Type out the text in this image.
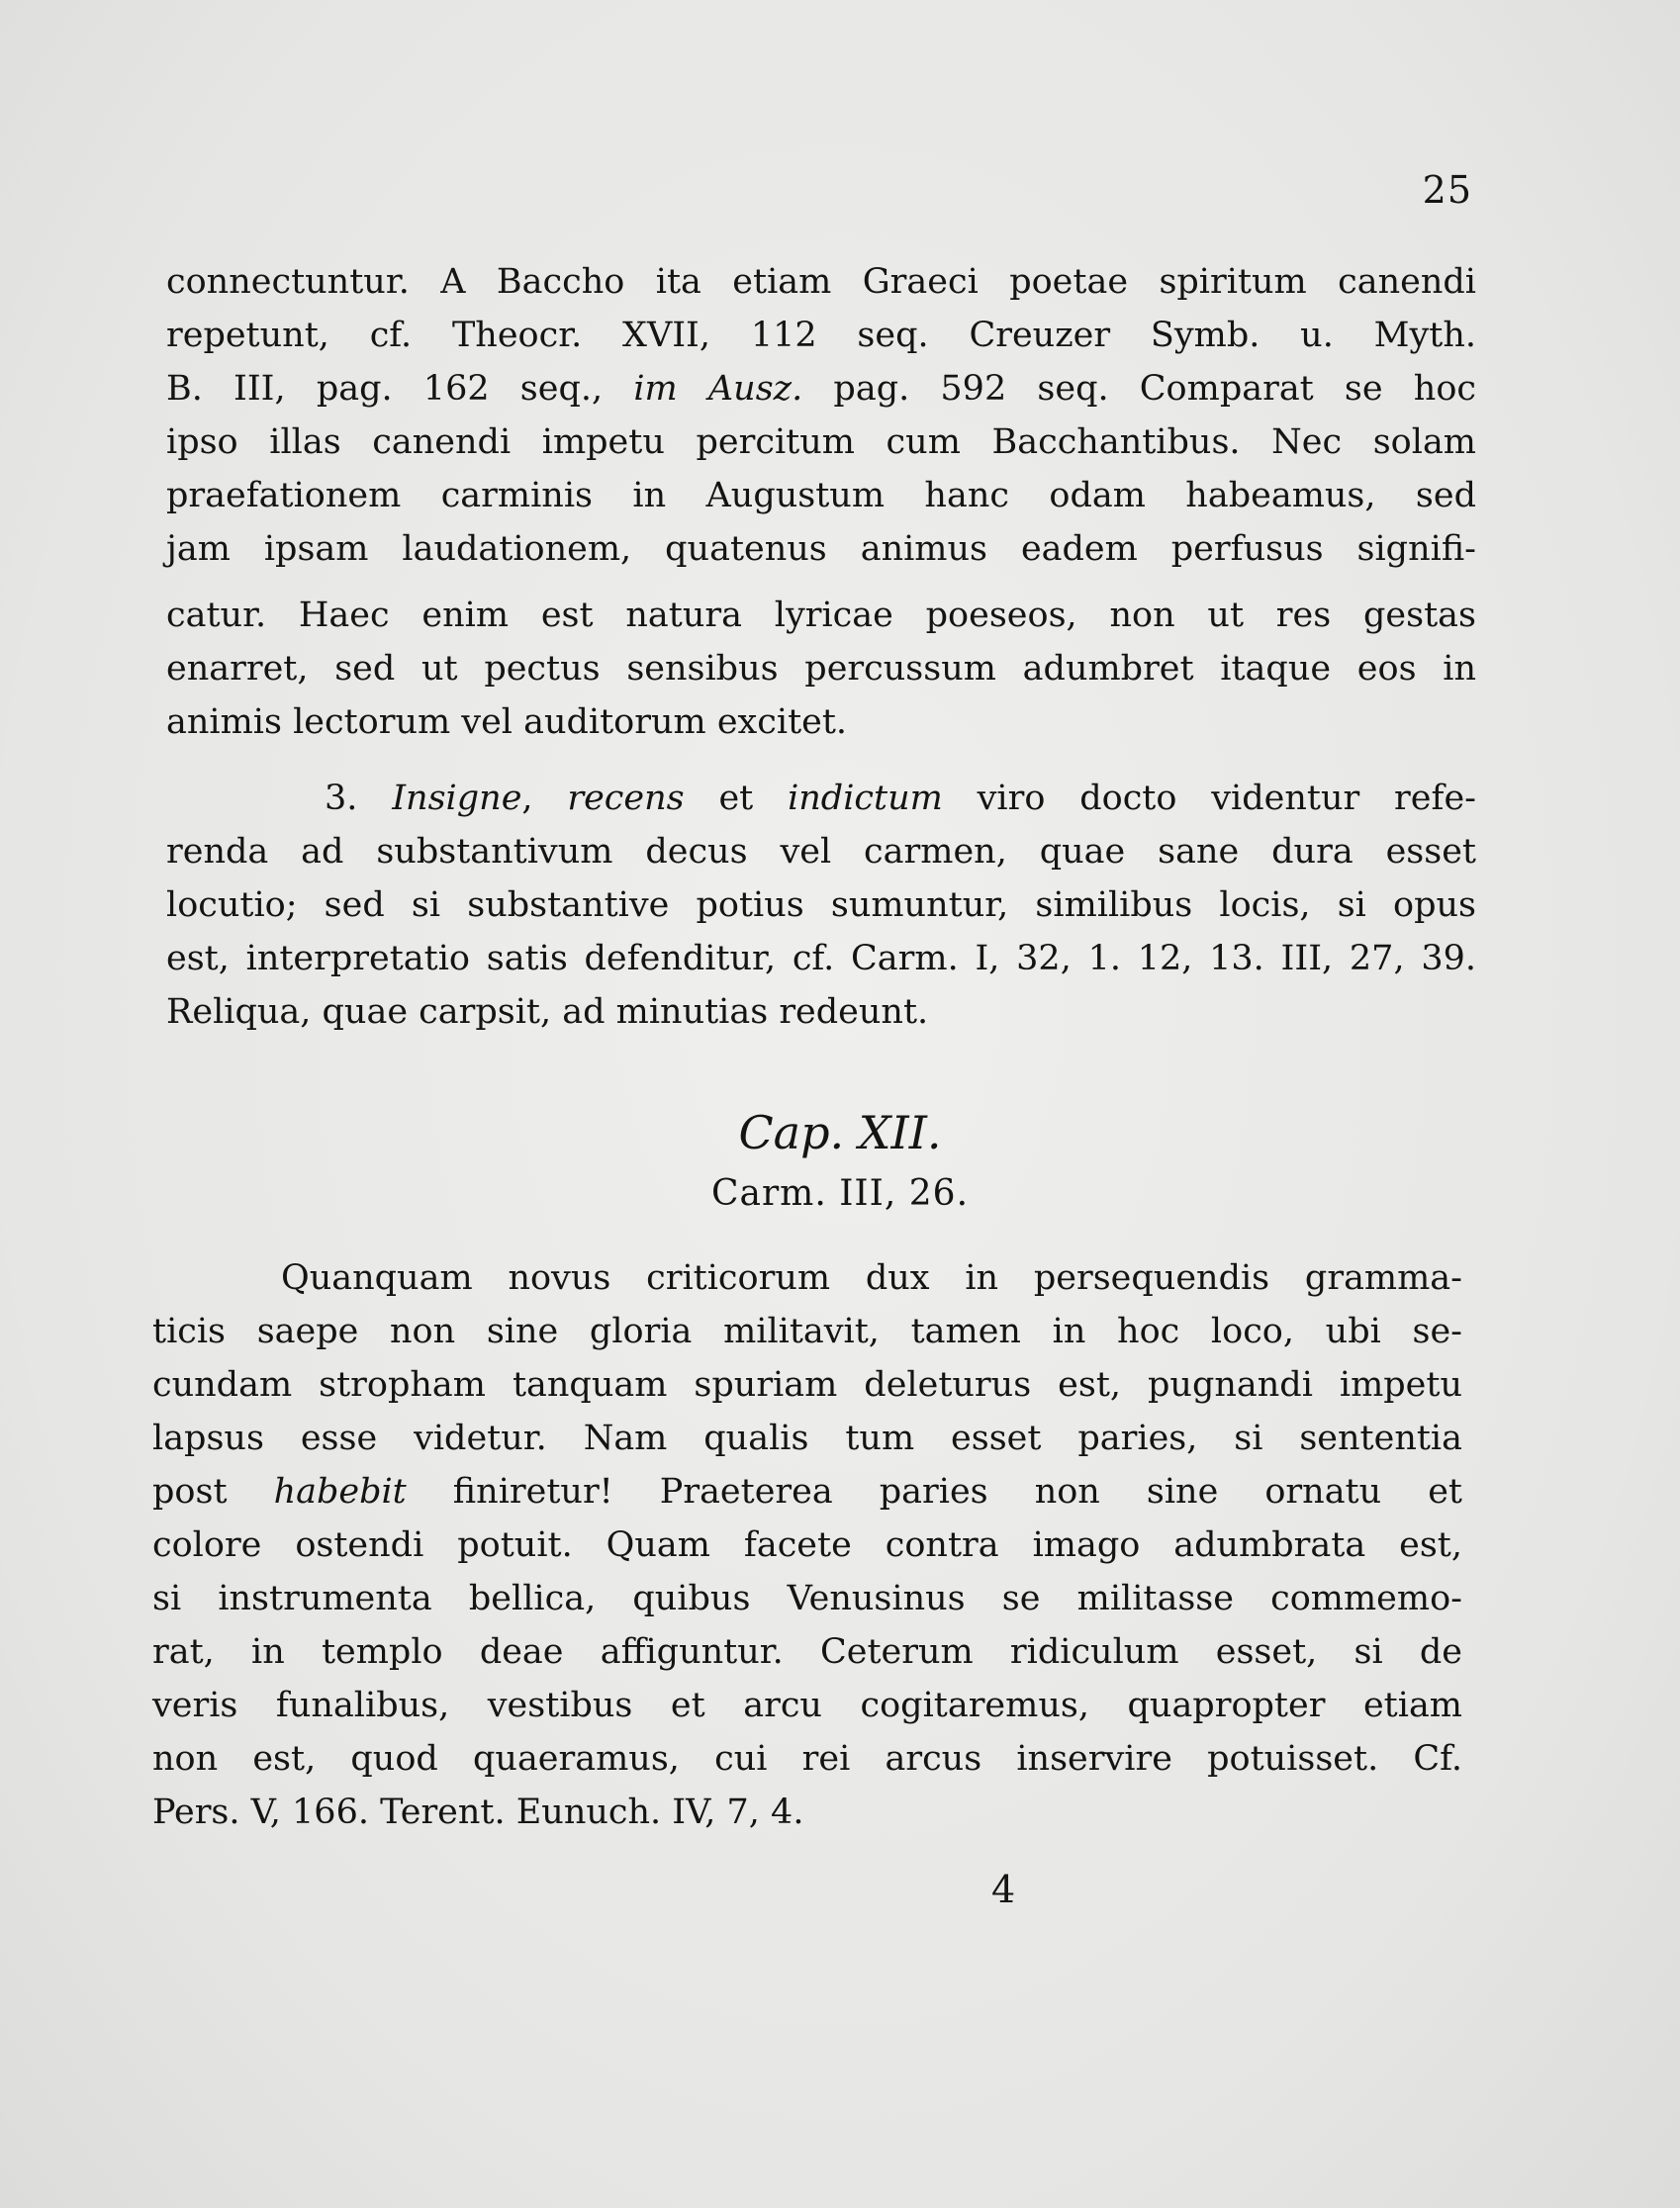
25
connectuntur. A Baccho ita etiam Graeci poetae spiritum canendi
repetunt, cf. Theocr. XVII, 112 seq. Creuzer Symb. u. Myth.
B. III, pag. 162 seq., im Ausz. pag. 592 seq. Comparat se hoc
ipso illas canendi impetu percitum cum Bacchantibus. Nec solam
praefationem carminis in Augustum hanc odam habeamus, sed
jam ipsam laudationem, quatenus animus eadem perfusus signifi-
catur. Haec enim est natura lyricae poeseos, non ut res gestas
enarret, sed ut pectus sensibus percussum adumbret itaque eos in
animis lectorum vel auditorum excitet.
3. Insigne, recens et indictum viro docto videntur refe-
renda ad substantivum decus vel carmen, quae sane dura esset
locutio; sed si substantive potius sumuntur, similibus locis, si opus
est, interpretatio satis defenditur, cf. Carm. I, 32, 1. 12, 13. III, 27, 39.
Reliqua, quae carpsit, ad minutias redeunt.
Cap. XII.
Carm. III, 26.
Quanquam novus criticorum dux in persequendis gramma-
ticis saepe non sine gloria militavit, tamen in hoc loco, ubi se-
cundam stropham tanquam spuriam deleturus est, pugnandi impetu
lapsus esse videtur. Nam qualis tum esset paries, si sententia
post habebit finiretur! Praeterea paries non sine ornatu et
colore ostendi potuit. Quam facete contra imago adumbrata est,
si instrumenta bellica, quibus Venusinus se militasse commemo-
rat, in templo deae affiguntur. Ceterum ridiculum esset, si de
veris funalibus, vestibus et arcu cogitaremus, quapropter etiam
non est, quod quaeramus, cui rei arcus inservire potuisset. Cf.
Pers. V, 166. Terent. Eunuch. IV, 7, 4.
4
